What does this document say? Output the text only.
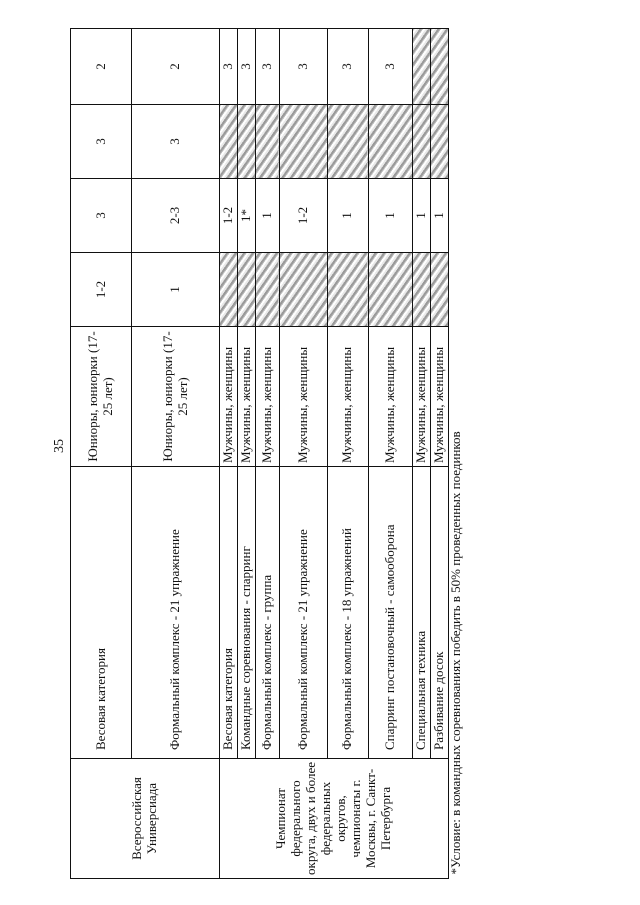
35
Всероссийская Универсиада	Весовая категория	Юниоры, юниорки (17-25 лет)	1-2	3	3	2
	Формальный комплекс - 21 упражнение	Юниоры, юниорки (17-25 лет)	1	2-3	3	2

Чемпионат федерального округа, двух и более федеральных округов, чемпионаты г. Москвы, г. Санкт-Петербурга	Весовая категория	Мужчины, женщины		1-2		3
	Командные соревнования - спарринг	Мужчины, женщины		1*		3
	Формальный комплекс - группа	Мужчины, женщины		1		3
	Формальный комплекс - 21 упражнение	Мужчины, женщины		1-2		3
	Формальный комплекс - 18 упражнений	Мужчины, женщины		1		3
	Спарринг постановочный - самооборона	Мужчины, женщины		1		3
	Специальная техника	Мужчины, женщины		1		
	Разбивание досок	Мужчины, женщины		1		
*Условие: в командных соревнованиях победить в 50% проведенных поединков						
